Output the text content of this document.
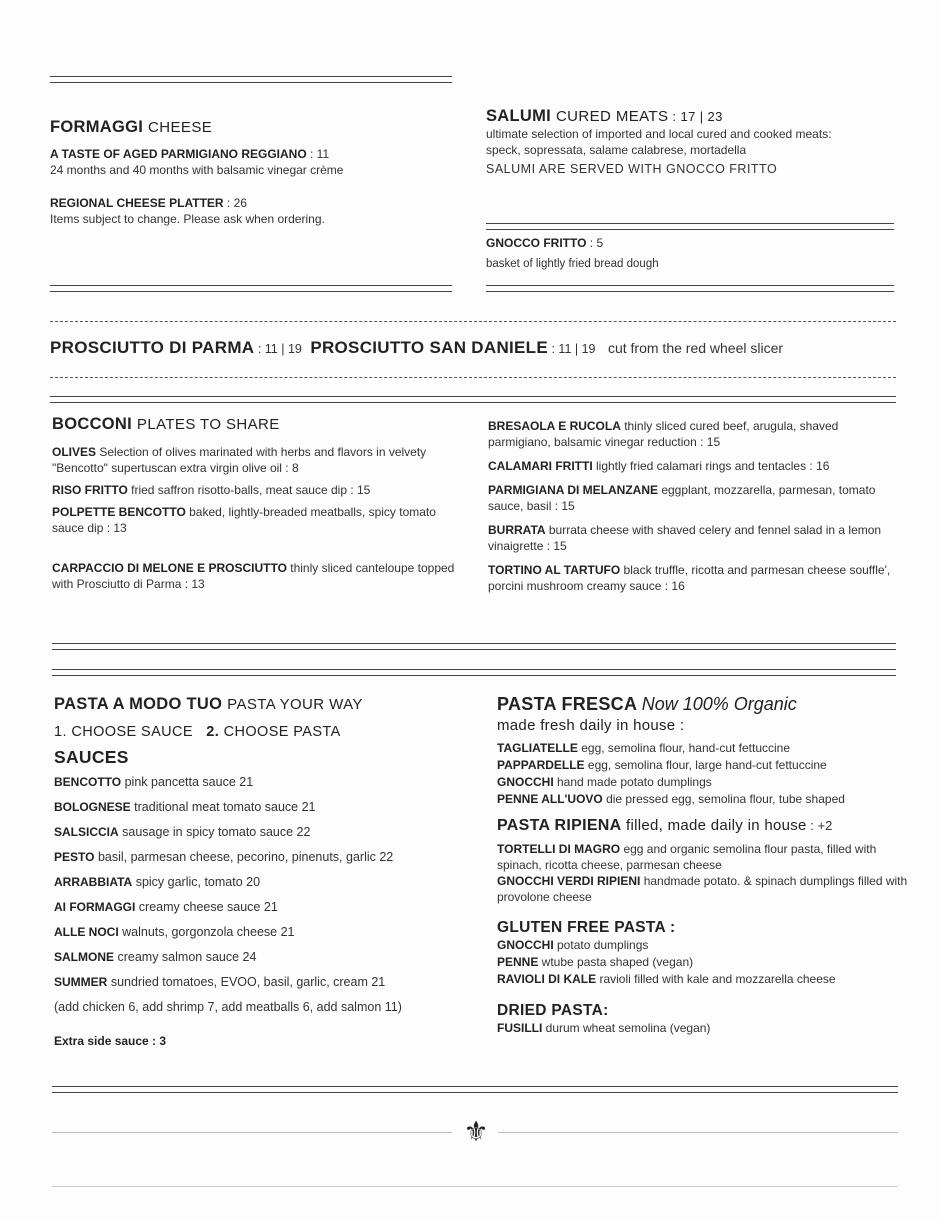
FORMAGGI CHEESE
A TASTE OF AGED PARMIGIANO REGGIANO : 11
24 months and 40 months with balsamic vinegar crème
REGIONAL CHEESE PLATTER : 26
Items subject to change. Please ask when ordering.
SALUMI CURED MEATS : 17 | 23
ultimate selection of imported and local cured and cooked meats:
speck, sopressata, salame calabrese, mortadella
SALUMI ARE SERVED WITH GNOCCO FRITTO
GNOCCO FRITTO : 5
basket of lightly fried bread dough
PROSCIUTTO DI PARMA : 11 | 19 PROSCIUTTO SAN DANIELE : 11 | 19 cut from the red wheel slicer
BOCCONI PLATES TO SHARE
OLIVES Selection of olives marinated with herbs and flavors in velvety "Bencotto" supertuscan extra virgin olive oil : 8
RISO FRITTO fried saffron risotto-balls, meat sauce dip : 15
POLPETTE BENCOTTO baked, lightly-breaded meatballs, spicy tomato sauce dip : 13
CARPACCIO DI MELONE E PROSCIUTTO thinly sliced canteloupe topped with Prosciutto di Parma : 13
BRESAOLA E RUCOLA thinly sliced cured beef, arugula, shaved parmigiano, balsamic vinegar reduction : 15
CALAMARI FRITTI lightly fried calamari rings and tentacles : 16
PARMIGIANA DI MELANZANE eggplant, mozzarella, parmesan, tomato sauce, basil : 15
BURRATA burrata cheese with shaved celery and fennel salad in a lemon vinaigrette : 15
TORTINO AL TARTUFO black truffle, ricotta and parmesan cheese souffle', porcini mushroom creamy sauce : 16
PASTA A MODO TUO PASTA YOUR WAY
1. CHOOSE SAUCE 2. CHOOSE PASTA
SAUCES
BENCOTTO pink pancetta sauce 21
BOLOGNESE traditional meat tomato sauce 21
SALSICCIA sausage in spicy tomato sauce 22
PESTO basil, parmesan cheese, pecorino, pinenuts, garlic 22
ARRABBIATA spicy garlic, tomato 20
AI FORMAGGI creamy cheese sauce 21
ALLE NOCI walnuts, gorgonzola cheese 21
SALMONE creamy salmon sauce 24
SUMMER sundried tomatoes, EVOO, basil, garlic, cream 21
(add chicken 6, add shrimp 7, add meatballs 6, add salmon 11)
Extra side sauce : 3
PASTA FRESCA Now 100% Organic
made fresh daily in house :
TAGLIATELLE egg, semolina flour, hand-cut fettuccine
PAPPARDELLE egg, semolina flour, large hand-cut fettuccine
GNOCCHI hand made potato dumplings
PENNE ALL'UOVO die pressed egg, semolina flour, tube shaped
PASTA RIPIENA filled, made daily in house : +2
TORTELLI DI MAGRO egg and organic semolina flour pasta, filled with spinach, ricotta cheese, parmesan cheese
GNOCCHI VERDI RIPIENI handmade potato. & spinach dumplings filled with provolone cheese
GLUTEN FREE PASTA :
GNOCCHI potato dumplings
PENNE wtube pasta shaped (vegan)
RAVIOLI DI KALE ravioli filled with kale and mozzarella cheese
DRIED PASTA:
FUSILLI durum wheat semolina (vegan)
⚜
